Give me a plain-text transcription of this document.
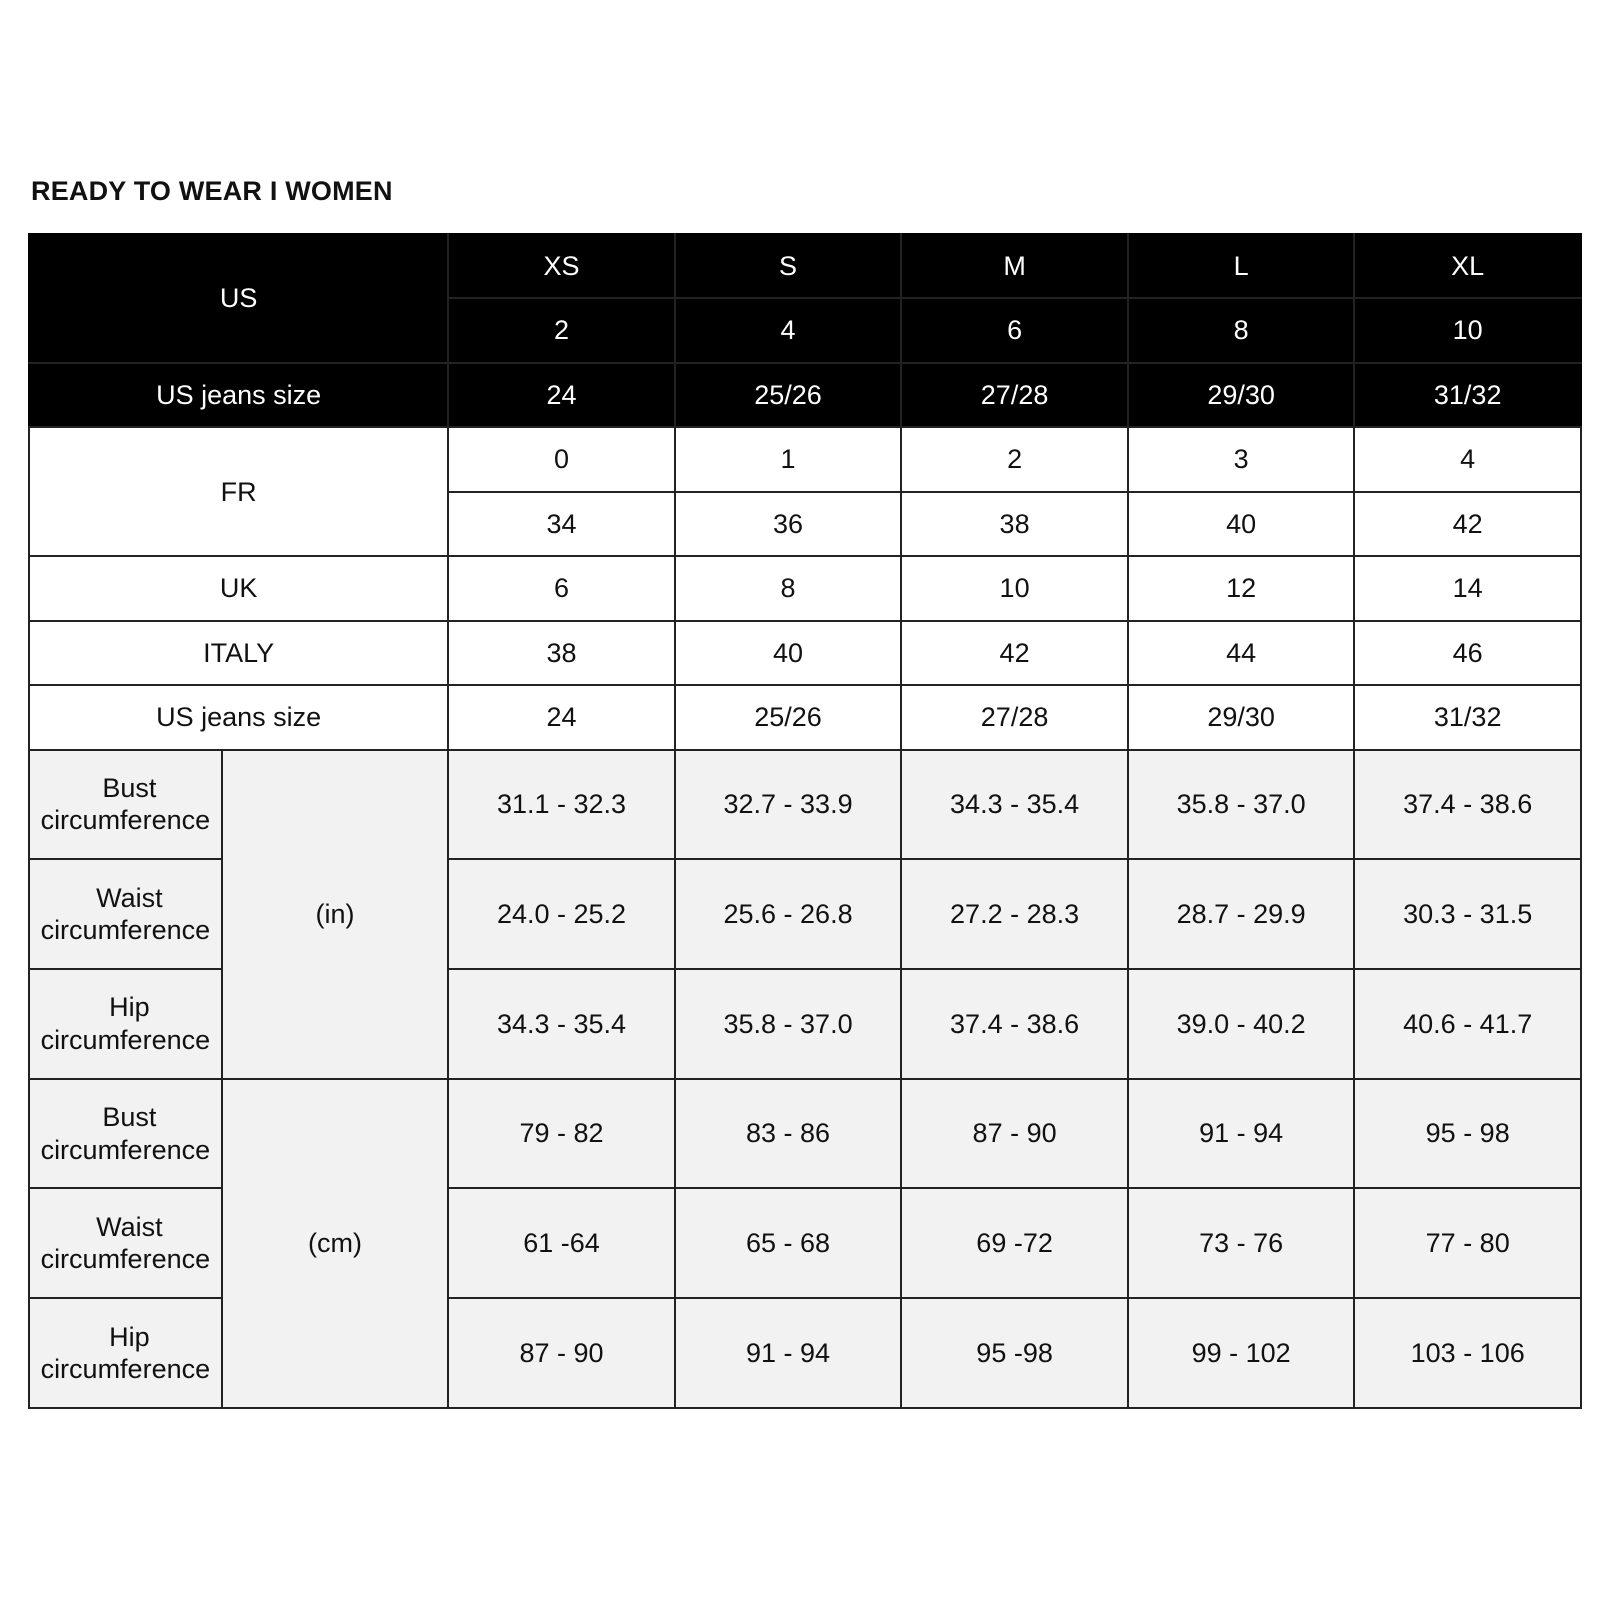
READY TO WEAR I WOMEN
US		XS	S	M	L	XL
		2	4	6	8	10
US jeans size		24	25/26	27/28	29/30	31/32
FR		0	1	2	3	4
		34	36	38	40	42
UK		6	8	10	12	14
ITALY		38	40	42	44	46
US jeans size		24	25/26	27/28	29/30	31/32
Bust
circumference	(in)	31.1 - 32.3	32.7 - 33.9	34.3 - 35.4	35.8 - 37.0	37.4 - 38.6
Waist
circumference		24.0 - 25.2	25.6 - 26.8	27.2 - 28.3	28.7 - 29.9	30.3 - 31.5
Hip
circumference		34.3 - 35.4	35.8 - 37.0	37.4 - 38.6	39.0 - 40.2	40.6 - 41.7
Bust
circumference	(cm)	79 - 82	83 - 86	87 - 90	91 - 94	95 - 98
Waist
circumference		61 -64	65 - 68	69 -72	73 - 76	77 - 80
Hip
circumference		87 - 90	91 - 94	95 -98	99 - 102	103 - 106
